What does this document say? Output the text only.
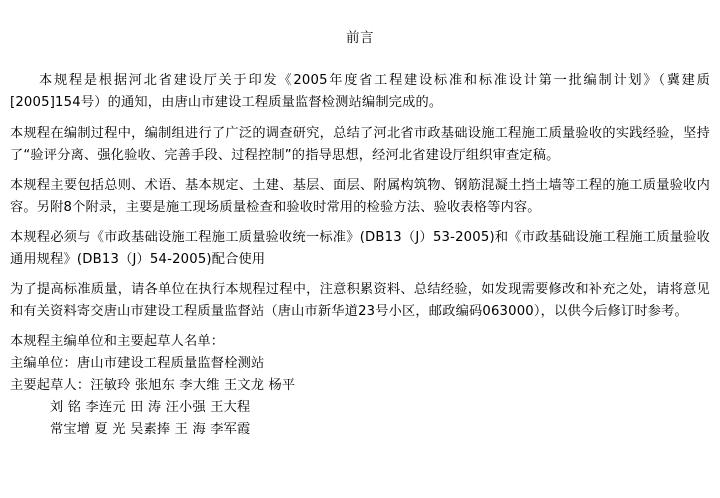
前言

本规程是根据河北省建设厅关于印发《2005年度省工程建设标准和标准设计第一批编制计划》（冀建质[2005]154号）的通知，由唐山市建设工程质量监督检测站编制完成的。

本规程在编制过程中，编制组进行了广泛的调查研究，总结了河北省市政基础设施工程施工质量验收的实践经验，坚持了“验评分离、强化验收、完善手段、过程控制”的指导思想，经河北省建设厅组织审查定稿。

本规程主要包括总则、术语、基本规定、土建、基层、面层、附属构筑物、钢筋混凝土挡土墙等工程的施工质量验收内容。另附8个附录，主要是施工现场质量检查和验收时常用的检验方法、验收表格等内容。

本规程必须与《市政基础设施工程施工质量验收统一标准》(DB13（J）53-2005)和《市政基础设施工程施工质量验收通用规程》(DB13（J）54-2005)配合使用

为了提高标准质量，请各单位在执行本规程过程中，注意积累资料、总结经验，如发现需要修改和补充之处，请将意见和有关资料寄交唐山市建设工程质量监督站（唐山市新华道23号小区，邮政编码063000），以供今后修订时参考。

本规程主编单位和主要起草人名单：

主编单位：唐山市建设工程质量监督栓测站

主要起草人：汪敏玲 张旭东 李大维 王文龙 杨平

刘 铭 李连元 田 涛 汪小强 王大程

常宝增 夏 光 吴素捧 王 海 李军霞
